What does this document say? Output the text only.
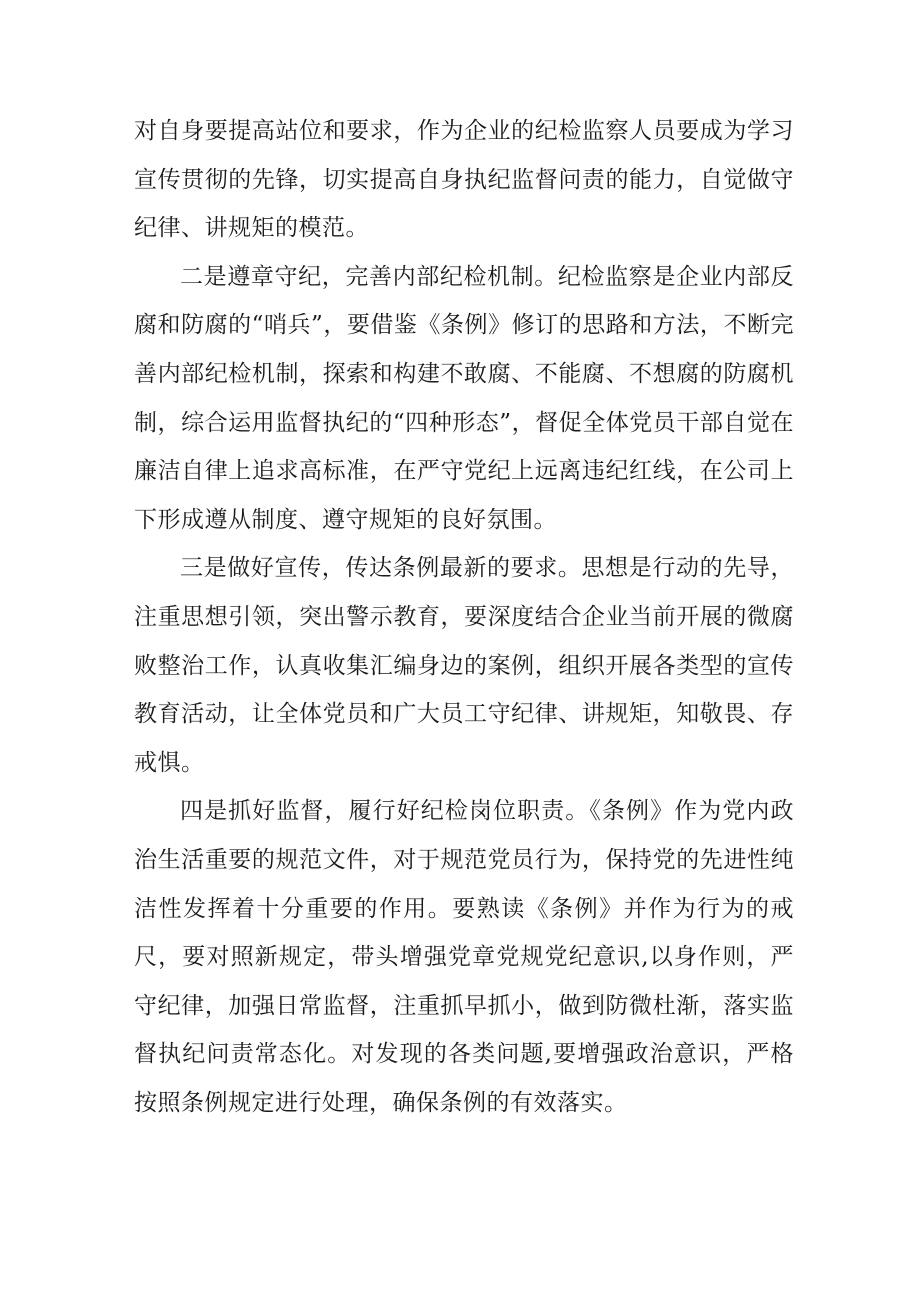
对自身要提高站位和要求，作为企业的纪检监察人员要成为学习宣传贯彻的先锋，切实提高自身执纪监督问责的能力，自觉做守纪律、讲规矩的模范。

二是遵章守纪，完善内部纪检机制。纪检监察是企业内部反腐和防腐的“哨兵”，要借鉴《条例》修订的思路和方法，不断完善内部纪检机制，探索和构建不敢腐、不能腐、不想腐的防腐机制，综合运用监督执纪的“四种形态”，督促全体党员干部自觉在廉洁自律上追求高标准，在严守党纪上远离违纪红线，在公司上下形成遵从制度、遵守规矩的良好氛围。

三是做好宣传，传达条例最新的要求。思想是行动的先导，注重思想引领，突出警示教育，要深度结合企业当前开展的微腐败整治工作，认真收集汇编身边的案例，组织开展各类型的宣传教育活动，让全体党员和广大员工守纪律、讲规矩，知敬畏、存戒惧。

四是抓好监督，履行好纪检岗位职责。《条例》作为党内政治生活重要的规范文件，对于规范党员行为，保持党的先进性纯洁性发挥着十分重要的作用。要熟读《条例》并作为行为的戒尺，要对照新规定，带头增强党章党规党纪意识,以身作则，严守纪律，加强日常监督，注重抓早抓小，做到防微杜渐，落实监督执纪问责常态化。对发现的各类问题,要增强政治意识，严格按照条例规定进行处理，确保条例的有效落实。
